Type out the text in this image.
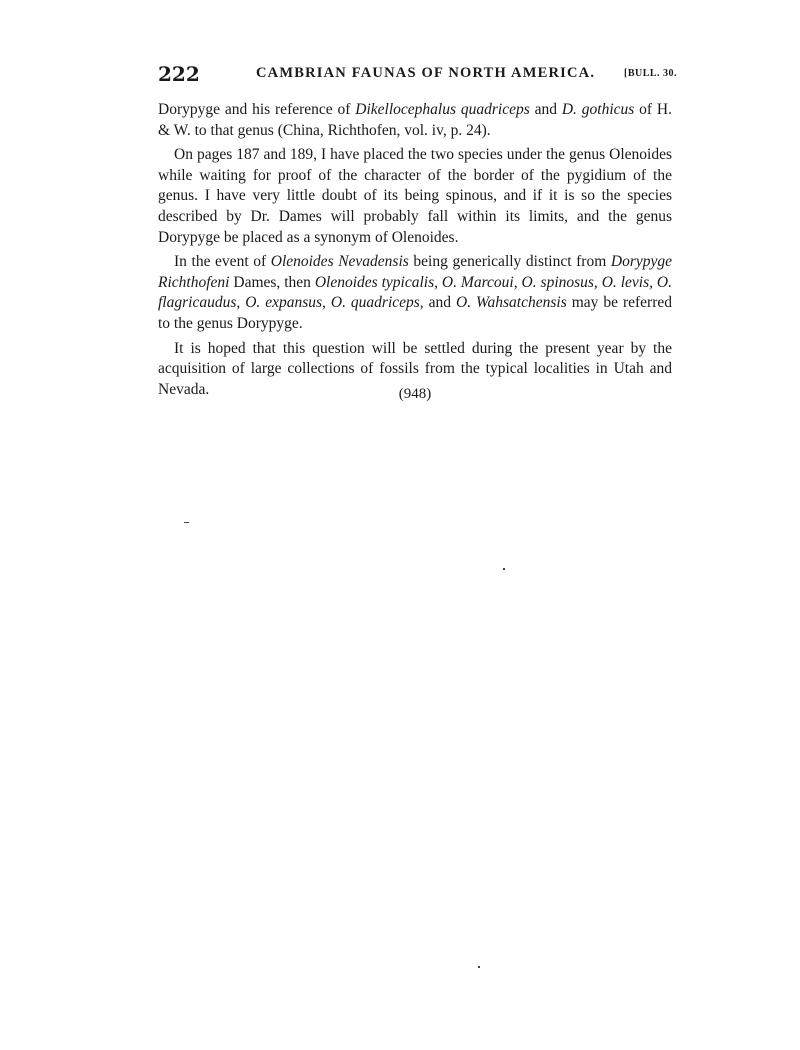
222	CAMBRIAN FAUNAS OF NORTH AMERICA.	[BULL. 30.

Dorypyge and his reference of Dikellocephalus quadriceps and D. gothicus of H. & W. to that genus (China, Richthofen, vol. iv, p. 24).

On pages 187 and 189, I have placed the two species under the genus Olenoides while waiting for proof of the character of the border of the pygidium of the genus. I have very little doubt of its being spinous, and if it is so the species described by Dr. Dames will probably fall within its limits, and the genus Dorypyge be placed as a synonym of Olenoides.

In the event of Olenoides Nevadensis being generically distinct from Dorypyge Richthofeni Dames, then Olenoides typicalis, O. Marcoui, O. spinosus, O. levis, O. flagricaudus, O. expansus, O. quadriceps, and O. Wahsatchensis may be referred to the genus Dorypyge.

It is hoped that this question will be settled during the present year by the acquisition of large collections of fossils from the typical localities in Utah and Nevada.	(948)
